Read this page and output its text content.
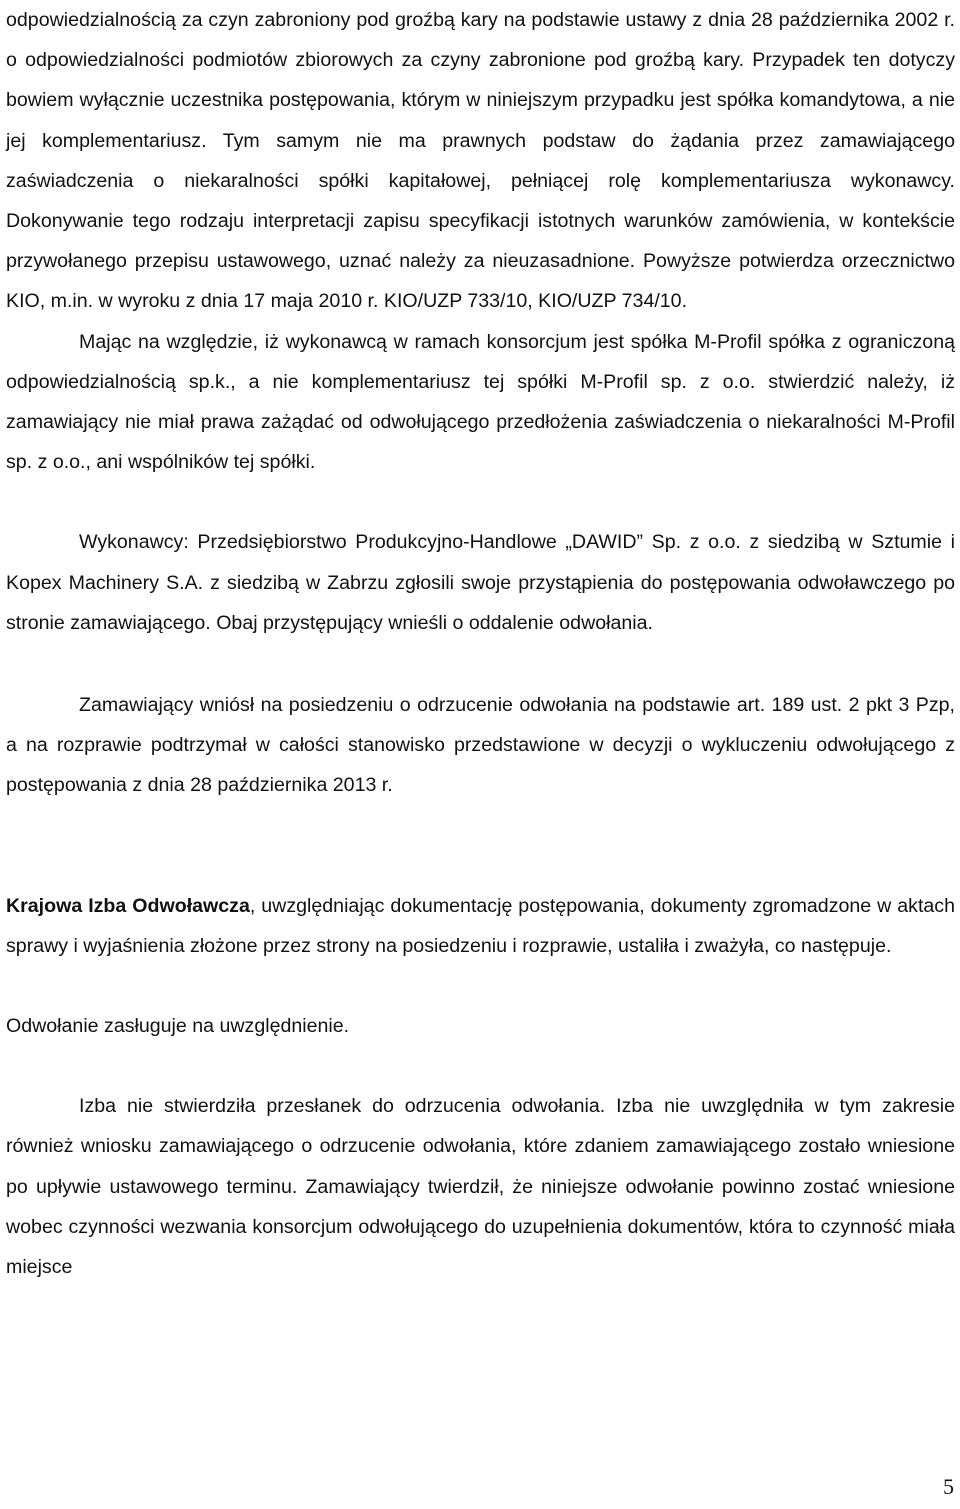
odpowiedzialnością za czyn zabroniony pod groźbą kary na podstawie ustawy z dnia 28 października 2002 r. o odpowiedzialności podmiotów zbiorowych za czyny zabronione pod groźbą kary. Przypadek ten dotyczy bowiem wyłącznie uczestnika postępowania, którym w niniejszym przypadku jest spółka komandytowa, a nie jej komplementariusz. Tym samym nie ma prawnych podstaw do żądania przez zamawiającego zaświadczenia o niekaralności spółki kapitałowej, pełniącej rolę komplementariusza wykonawcy. Dokonywanie tego rodzaju interpretacji zapisu specyfikacji istotnych warunków zamówienia, w kontekście przywołanego przepisu ustawowego, uznać należy za nieuzasadnione. Powyższe potwierdza orzecznictwo KIO, m.in. w wyroku z dnia 17 maja 2010 r. KIO/UZP 733/10, KIO/UZP 734/10.

Mając na względzie, iż wykonawcą w ramach konsorcjum jest spółka M-Profil spółka z ograniczoną odpowiedzialnością sp.k., a nie komplementariusz tej spółki M-Profil sp. z o.o. stwierdzić należy, iż zamawiający nie miał prawa zażądać od odwołującego przedłożenia zaświadczenia o niekaralności M-Profil sp. z o.o., ani wspólników tej spółki.

Wykonawcy: Przedsiębiorstwo Produkcyjno-Handlowe „DAWID” Sp. z o.o. z siedzibą w Sztumie i Kopex Machinery S.A. z siedzibą w Zabrzu zgłosili swoje przystąpienia do postępowania odwoławczego po stronie zamawiającego. Obaj przystępujący wnieśli o oddalenie odwołania.

Zamawiający wniósł na posiedzeniu o odrzucenie odwołania na podstawie art. 189 ust. 2 pkt 3 Pzp, a na rozprawie podtrzymał w całości stanowisko przedstawione w decyzji o wykluczeniu odwołującego z postępowania z dnia 28 października 2013 r.

Krajowa Izba Odwoławcza, uwzględniając dokumentację postępowania, dokumenty zgromadzone w aktach sprawy i wyjaśnienia złożone przez strony na posiedzeniu i rozprawie, ustaliła i zważyła, co następuje.

Odwołanie zasługuje na uwzględnienie.

Izba nie stwierdziła przesłanek do odrzucenia odwołania. Izba nie uwzględniła w tym zakresie również wniosku zamawiającego o odrzucenie odwołania, które zdaniem zamawiającego zostało wniesione po upływie ustawowego terminu. Zamawiający twierdził, że niniejsze odwołanie powinno zostać wniesione wobec czynności wezwania konsorcjum odwołującego do uzupełnienia dokumentów, która to czynność miała miejsce

5
